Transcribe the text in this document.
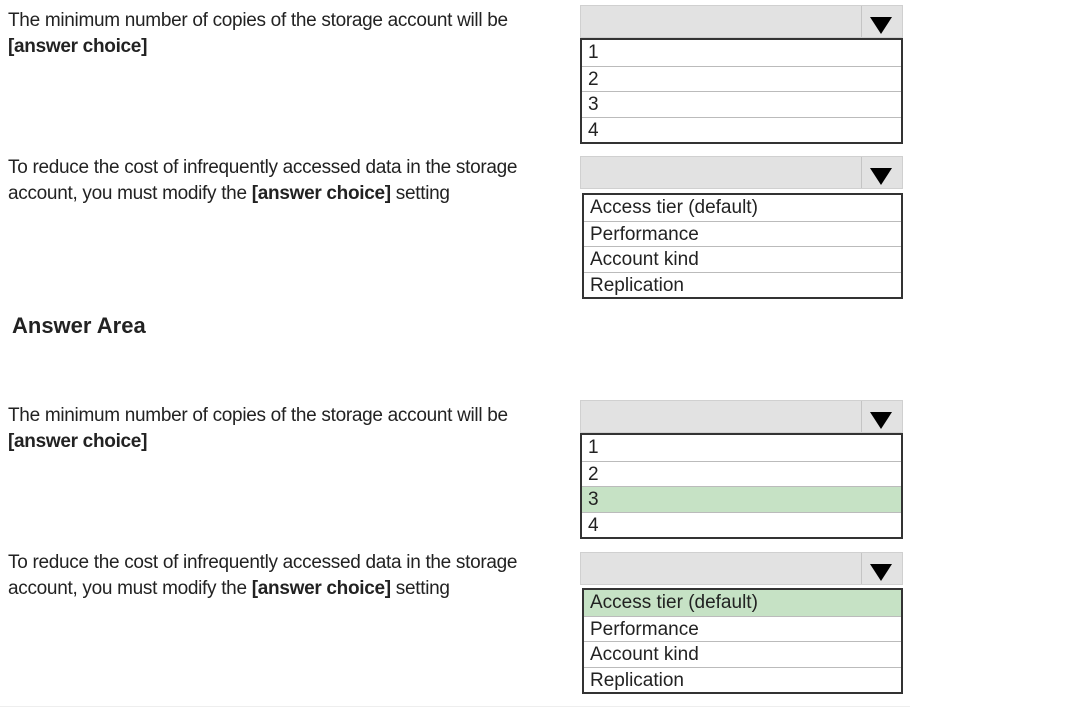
Answer Area
The minimum number of copies of the storage account will be [answer choice]	1
2
3
4
To reduce the cost of infrequently accessed data in the storage account, you must modify the [answer choice] setting
Access tier (default)
Performance
Account kind
Replication
The minimum number of copies of the storage account will be [answer choice]	1
2
3
4
To reduce the cost of infrequently accessed data in the storage account, you must modify the [answer choice] setting
Access tier (default)
Performance
Account kind
Replication
